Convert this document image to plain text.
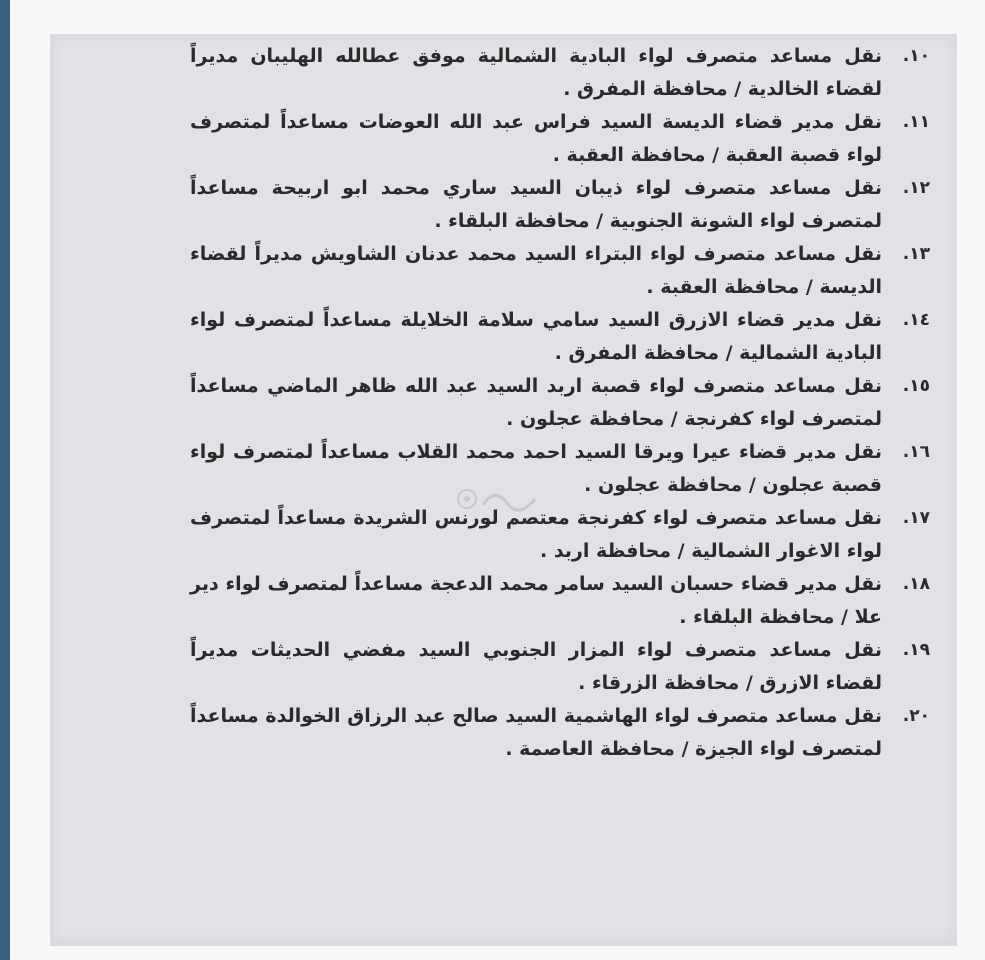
١٠.
نقل مساعد متصرف لواء البادية الشمالية موفق عطالله الهليبان مديراً لقضاء الخالدية / محافظة المفرق .
١١.
نقل مدير قضاء الديسة السيد فراس عبد الله العوضات مساعداً لمتصرف لواء قصبة العقبة / محافظة العقبة .
١٢.
نقل مساعد متصرف لواء ذيبان السيد ساري محمد ابو اربيحة مساعداً لمتصرف لواء الشونة الجنوبية / محافظة البلقاء .
١٣.
نقل مساعد متصرف لواء البتراء السيد محمد عدنان الشاويش مديراً لقضاء الديسة / محافظة العقبة .
١٤.
نقل مدير قضاء الازرق السيد سامي سلامة الخلايلة مساعداً لمتصرف لواء البادية الشمالية / محافظة المفرق .
١٥.
نقل مساعد متصرف لواء قصبة اربد السيد عبد الله ظاهر الماضي مساعداً لمتصرف لواء كفرنجة / محافظة عجلون .
١٦.
نقل مدير قضاء عيرا ويرقا السيد احمد محمد القلاب مساعداً لمتصرف لواء قصبة عجلون / محافظة عجلون .
١٧.
نقل مساعد متصرف لواء كفرنجة معتصم لورنس الشريدة مساعداً لمتصرف لواء الاغوار الشمالية / محافظة اربد .
١٨.
نقل مدير قضاء حسبان السيد سامر محمد الدعجة مساعداً لمتصرف لواء دير علا / محافظة البلقاء .
١٩.
نقل مساعد متصرف لواء المزار الجنوبي السيد مفضي الحديثات مديراً لقضاء الازرق / محافظة الزرقاء .
٢٠.
نقل مساعد متصرف لواء الهاشمية السيد صالح عبد الرزاق الخوالدة مساعداً لمتصرف لواء الجيزة / محافظة العاصمة .
